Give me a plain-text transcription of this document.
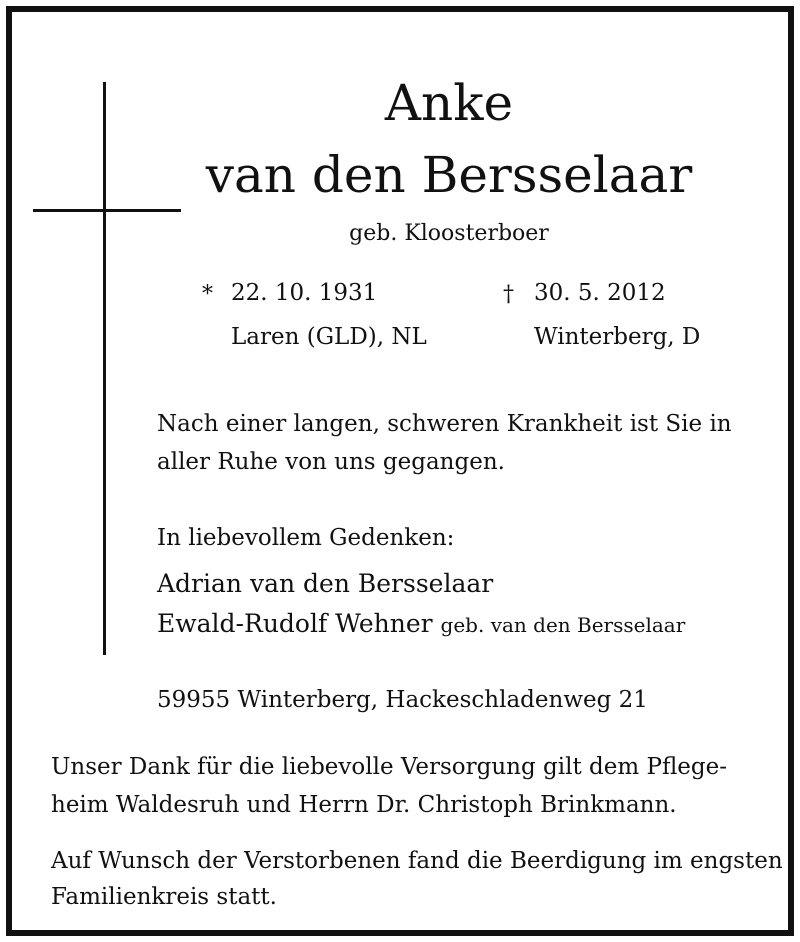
Anke
van den Bersselaar
geb. Kloosterboer
* 22. 10. 1931
Laren (GLD), NL
† 30. 5. 2012
Winterberg, D
Nach einer langen, schweren Krankheit ist Sie in
aller Ruhe von uns gegangen.
In liebevollem Gedenken:
Adrian van den Bersselaar
Ewald-Rudolf Wehner geb. van den Bersselaar
59955 Winterberg, Hackeschladenweg 21
Unser Dank für die liebevolle Versorgung gilt dem Pflege-
heim Waldesruh und Herrn Dr. Christoph Brinkmann.
Auf Wunsch der Verstorbenen fand die Beerdigung im engsten
Familienkreis statt.
